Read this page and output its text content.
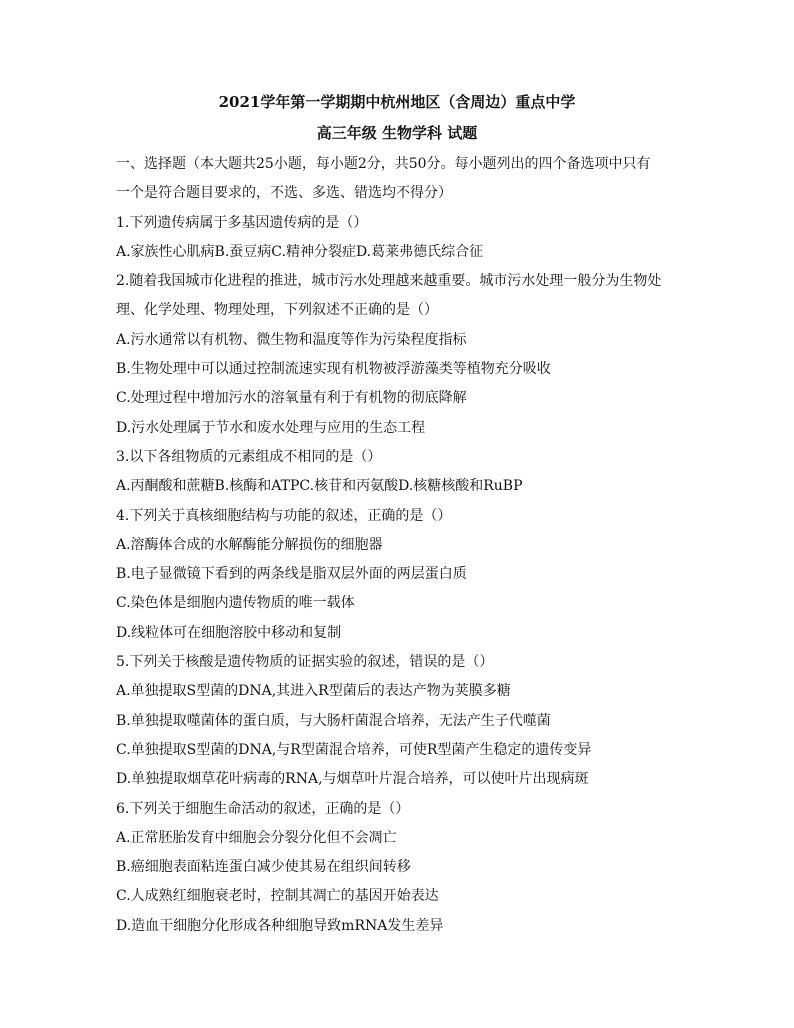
2021学年第一学期期中杭州地区（含周边）重点中学
高三年级 生物学科 试题
一、选择题（本大题共25小题，每小题2分，共50分。每小题列出的四个备选项中只有
一个是符合题目要求的，不选、多选、错选均不得分）
1.下列遗传病属于多基因遗传病的是（）
A.家族性心肌病B.蚕豆病C.精神分裂症D.葛莱弗德氏综合征
2.随着我国城市化进程的推进，城市污水处理越来越重要。城市污水处理一般分为生物处
理、化学处理、物理处理，下列叙述不正确的是（）
A.污水通常以有机物、微生物和温度等作为污染程度指标
B.生物处理中可以通过控制流速实现有机物被浮游藻类等植物充分吸收
C.处理过程中增加污水的溶氧量有利于有机物的彻底降解
D.污水处理属于节水和废水处理与应用的生态工程
3.以下各组物质的元素组成不相同的是（）
A.丙酮酸和蔗糖B.核酶和ATPC.核苷和丙氨酸D.核糖核酸和RuBP
4.下列关于真核细胞结构与功能的叙述，正确的是（）
A.溶酶体合成的水解酶能分解损伤的细胞器
B.电子显微镜下看到的两条线是脂双层外面的两层蛋白质
C.染色体是细胞内遗传物质的唯一载体
D.线粒体可在细胞溶胶中移动和复制
5.下列关于核酸是遗传物质的证据实验的叙述，错误的是（）
A.单独提取S型菌的DNA,其进入R型菌后的表达产物为荚膜多糖
B.单独提取噬菌体的蛋白质，与大肠杆菌混合培养，无法产生子代噬菌
C.单独提取S型菌的DNA,与R型菌混合培养，可使R型菌产生稳定的遗传变异
D.单独提取烟草花叶病毒的RNA,与烟草叶片混合培养，可以使叶片出现病斑
6.下列关于细胞生命活动的叙述，正确的是（）
A.正常胚胎发育中细胞会分裂分化但不会凋亡
B.癌细胞表面粘连蛋白减少使其易在组织间转移
C.人成熟红细胞衰老时，控制其凋亡的基因开始表达
D.造血干细胞分化形成各种细胞导致mRNA发生差异
